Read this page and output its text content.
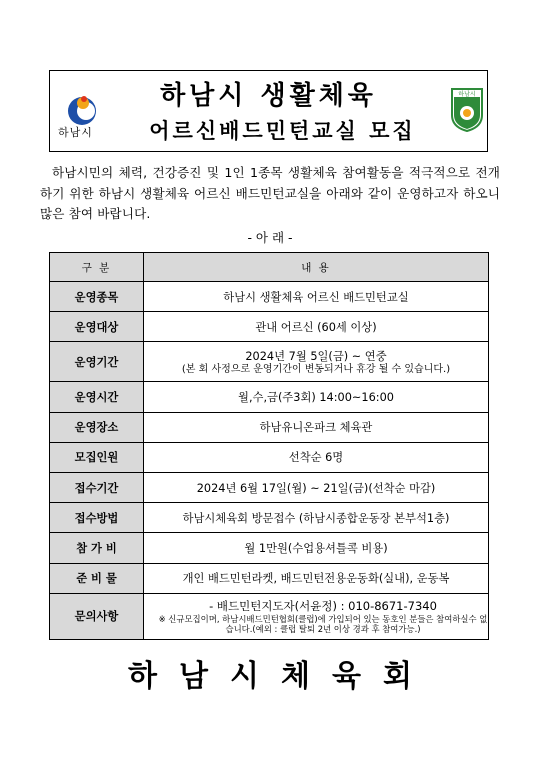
하남시
하남시 생활체육
어르신배드민턴교실 모집
하남시
하남시민의 체력, 건강증진 및 1인 1종목 생활체육 참여활동을 적극적으로 전개하기 위한 하남시 생활체육 어르신 배드민턴교실을 아래와 같이 운영하고자 하오니 많은 참여 바랍니다.
- 아 래 -
구 분	내 용
운영종목	하남시 생활체육 어르신 배드민턴교실
운영대상	관내 어르신 (60세 이상)
운영기간	2024년 7월 5일(금) ~ 연중
(본 회 사정으로 운영기간이 변동되거나 휴강 될 수 있습니다.)

운영시간	월,수,금(주3회) 14:00~16:00
운영장소	하남유니온파크 체육관
모집인원	선착순 6명
접수기간	2024년 6월 17일(월) ~ 21일(금)(선착순 마감)
접수방법	하남시체육회 방문접수 (하남시종합운동장 본부석1층)
참 가 비	월 1만원(수업용셔틀콕 비용)
준 비 물	개인 배드민턴라켓, 배드민턴전용운동화(실내), 운동복
문의사항	- 배드민턴지도자(서윤정) : 010-8671-7340
※ 신규모집이며, 하남시배드민턴협회(클럽)에 가입되어 있는 동호인 분들은 참여하실수 없습니다.(예외 : 클럽 탈퇴 2년 이상 경과 후 참여가능.)
하남시체육회
